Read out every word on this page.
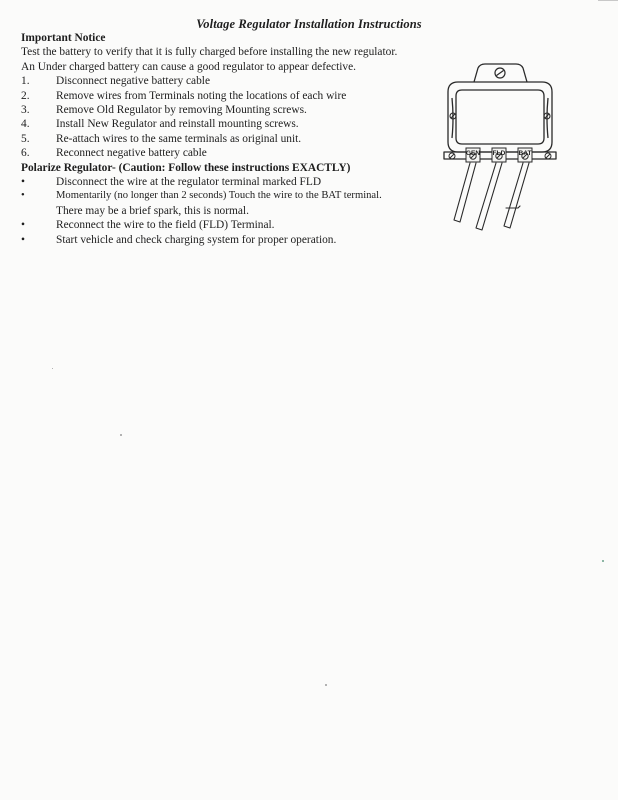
Voltage Regulator Installation Instructions
Important Notice
Test the battery to verify that it is fully charged before installing the new regulator.
An Under charged battery can cause a good regulator to appear defective.
1.	Disconnect negative battery cable
2.	Remove wires from Terminals noting the locations of each wire
3.	Remove Old Regulator by removing Mounting screws.
4.	Install New Regulator and reinstall mounting screws.
5.	Re-attach wires to the same terminals as original unit.
6.	Reconnect negative battery cable
Polarize Regulator- (Caution: Follow these instructions EXACTLY)
•	Disconnect the wire at the regulator terminal marked FLD
•	Momentarily (no longer than 2 seconds) Touch the wire to the BAT terminal.
There may be a brief spark, this is normal.
•	Reconnect the wire to the field (FLD) Terminal.
•	Start vehicle and check charging system for proper operation.
GEN FLD BAT
